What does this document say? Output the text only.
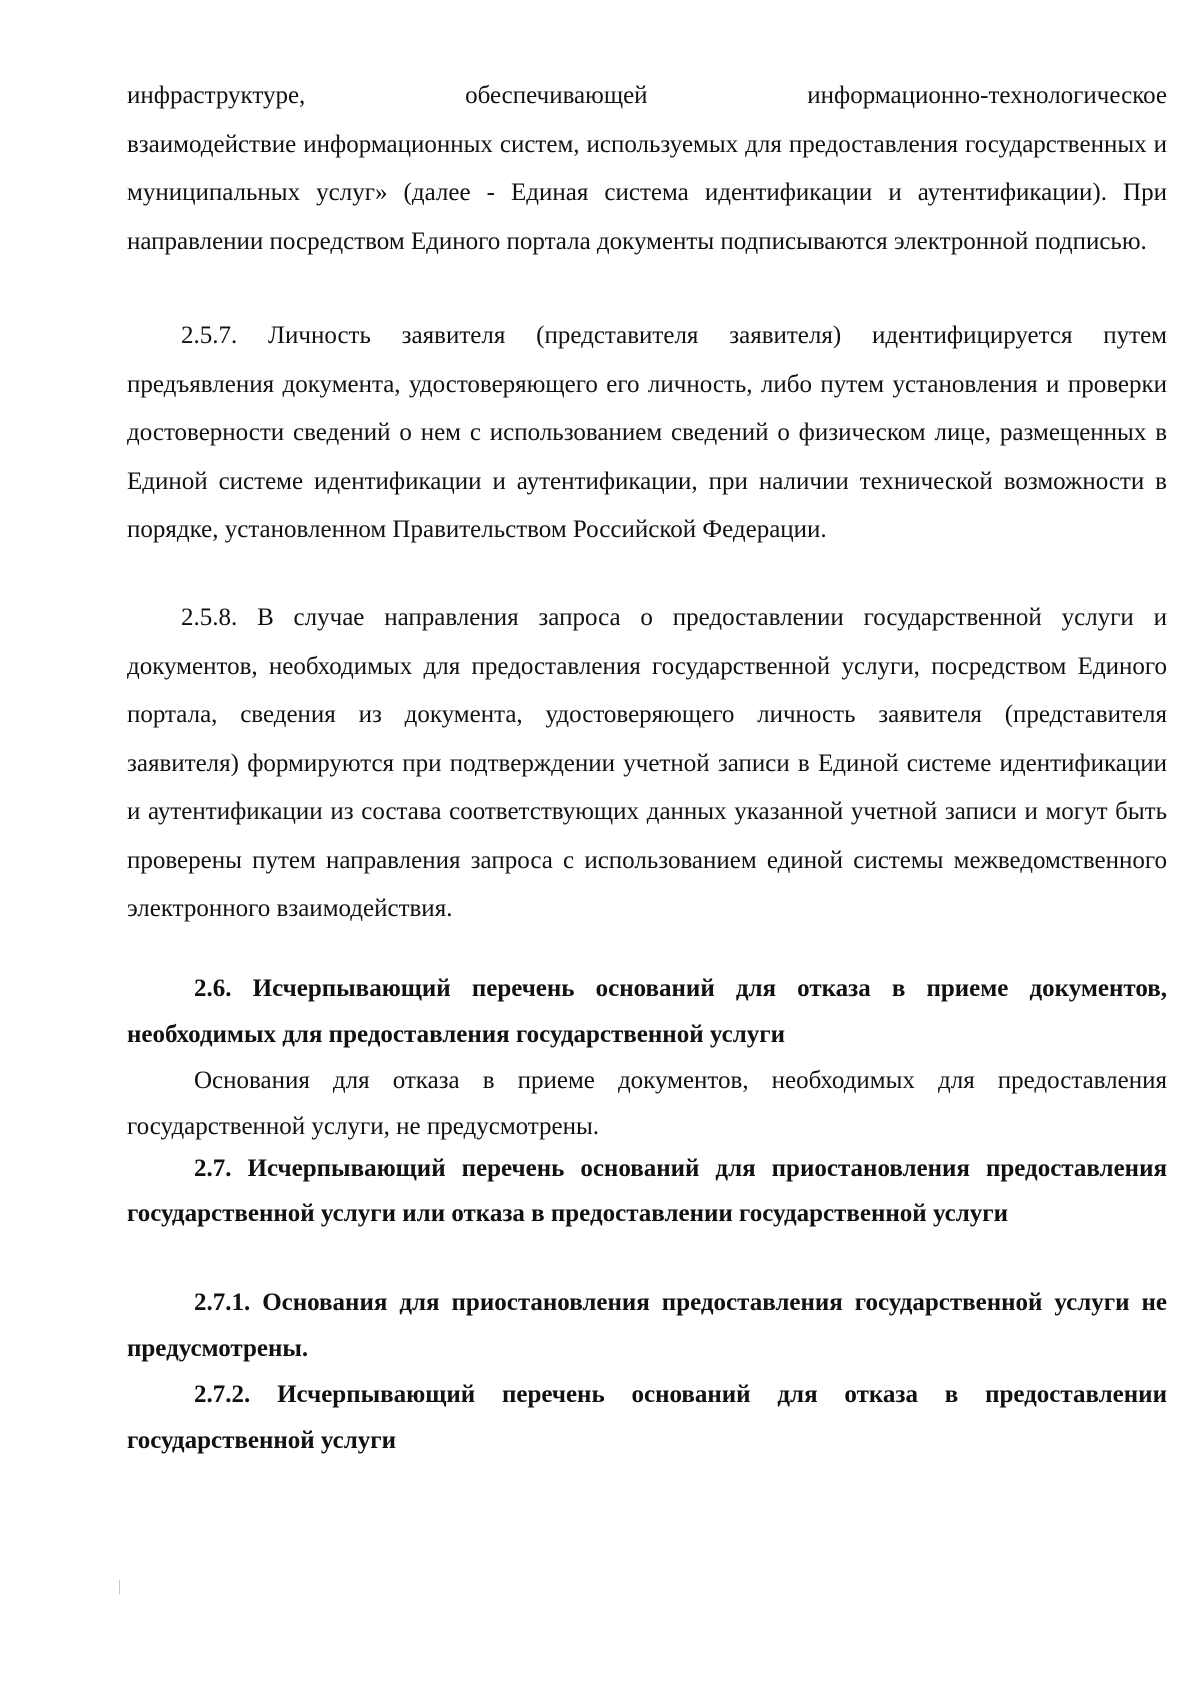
инфраструктуре,	обеспечивающей	информационно-технологическое

взаимодействие информационных систем, используемых для предоставления государственных и муниципальных услуг» (далее - Единая система идентификации и аутентификации). При направлении посредством Единого портала документы подписываются электронной подписью.

2.5.7. Личность заявителя (представителя заявителя) идентифицируется путем предъявления документа, удостоверяющего его личность, либо путем установления и проверки достоверности сведений о нем с использованием сведений о физическом лице, размещенных в Единой системе идентификации и аутентификации, при наличии технической возможности в порядке, установленном Правительством Российской Федерации.

2.5.8. В случае направления запроса о предоставлении государственной услуги и документов, необходимых для предоставления государственной услуги, посредством Единого портала, сведения из документа, удостоверяющего личность заявителя (представителя заявителя) формируются при подтверждении учетной записи в Единой системе идентификации и аутентификации из состава соответствующих данных указанной учетной записи и могут быть проверены путем направления запроса с использованием единой системы межведомственного электронного взаимодействия.

2.6. Исчерпывающий перечень оснований для отказа в приеме документов, необходимых для предоставления государственной услуги

Основания для отказа в приеме документов, необходимых для предоставления государственной услуги, не предусмотрены.

2.7. Исчерпывающий перечень оснований для приостановления предоставления государственной услуги или отказа в предоставлении государственной услуги

2.7.1. Основания для приостановления предоставления государственной услуги не предусмотрены.

2.7.2. Исчерпывающий перечень оснований для отказа в предоставлении государственной услуги
